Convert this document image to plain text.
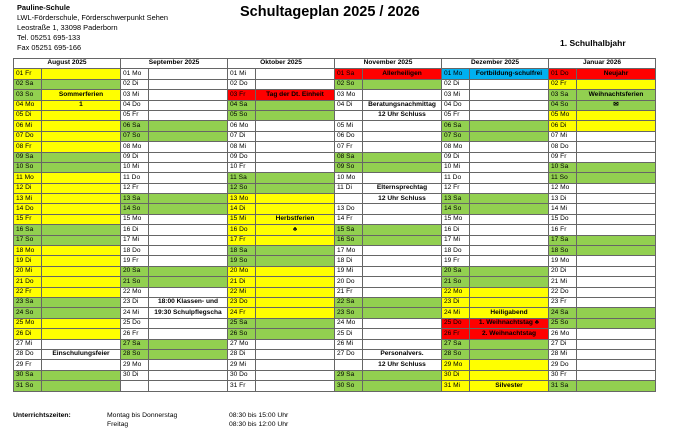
Pauline-Schule
LWL-Förderschule, Förderschwerpunkt Sehen
Leostraße 1, 33098 Paderborn
Tel. 05251 695-133
Fax 05251 695-166
Schultageplan 2025 / 2026
1. Schulhalbjahr
August 2025		September 2025		Oktober 2025		November 2025		Dezember 2025		Januar 2026	
01 Fr		01 Mo		01 Mi		01 Sa	Allerheiligen	01 Mo	Fortbildung-schulfrei	01 Do	Neujahr
02 Sa		02 Di		02 Do		02 So		02 Di		02 Fr	
03 So	Sommerferien	03 Mi		03 Fr	Tag der Dt. Einheit	03 Mo		03 Mi		03 Sa	Weihnachtsferien
04 Mo	1	04 Do		04 Sa		04 Di	Beratungsnachmittag	04 Do		04 So	✉
05 Di		05 Fr		05 So			12 Uhr Schluss	05 Fr		05 Mo	
06 Mi		06 Sa		06 Mo		05 Mi		06 Sa		06 Di	
07 Do		07 So		07 Di		06 Do		07 So		07 Mi	
08 Fr		08 Mo		08 Mi		07 Fr		08 Mo		08 Do	
09 Sa		09 Di		09 Do		08 Sa		09 Di		09 Fr	
10 So		10 Mi		10 Fr		09 So		10 Mi		10 Sa	
11 Mo		11 Do		11 Sa		10 Mo		11 Do		11 So	
12 Di		12 Fr		12 So		11 Di	Elternsprechtag	12 Fr		12 Mo	
13 Mi		13 Sa		13 Mo			12 Uhr Schluss	13 Sa		13 Di	
14 Do		14 So		14 Di		13 Do		14 So		14 Mi	
15 Fr		15 Mo		15 Mi	Herbstferien	14 Fr		15 Mo		15 Do	
16 Sa		16 Di		16 Do	♣	15 Sa		16 Di		16 Fr	
17 So		17 Mi		17 Fr		16 So		17 Mi		17 Sa	
18 Mo		18 Do		18 Sa		17 Mo		18 Do		18 So	
19 Di		19 Fr		19 So		18 Di		19 Fr		19 Mo	
20 Mi		20 Sa		20 Mo		19 Mi		20 Sa		20 Di	
21 Do		21 So		21 Di		20 Do		21 So		21 Mi	
22 Fr		22 Mo		22 Mi		21 Fr		22 Mo		22 Do	
23 Sa		23 Di	18:00 Klassen- und	23 Do		22 Sa		23 Di		23 Fr	
24 So		24 Mi	19:30 Schulpflegscha	24 Fr		23 So		24 Mi	Heiligabend	24 Sa	
25 Mo		25 Do		25 Sa		24 Mo		25 Do	1. Weihnachtstag ♣	25 So	
26 Di		26 Fr		26 So		25 Di		26 Fr	2. Weihnachtstag	26 Mo	
27 Mi		27 Sa		27 Mo		26 Mi		27 Sa		27 Di	
28 Do	Einschulungsfeier	28 So		28 Di		27 Do	Personalvers.	28 So		28 Mi	
29 Fr		29 Mo		29 Mi			12 Uhr Schluss	29 Mo		29 Do	
30 Sa		30 Di		30 Do		29 Sa		30 Di		30 Fr	
31 So				31 Fr		30 So		31 Mi	Silvester	31 Sa	
Unterrichtszeiten:	Montag bis Donnerstag	08:30 bis 15:00 Uhr
Freitag	08:30 bis 12:00 Uhr
